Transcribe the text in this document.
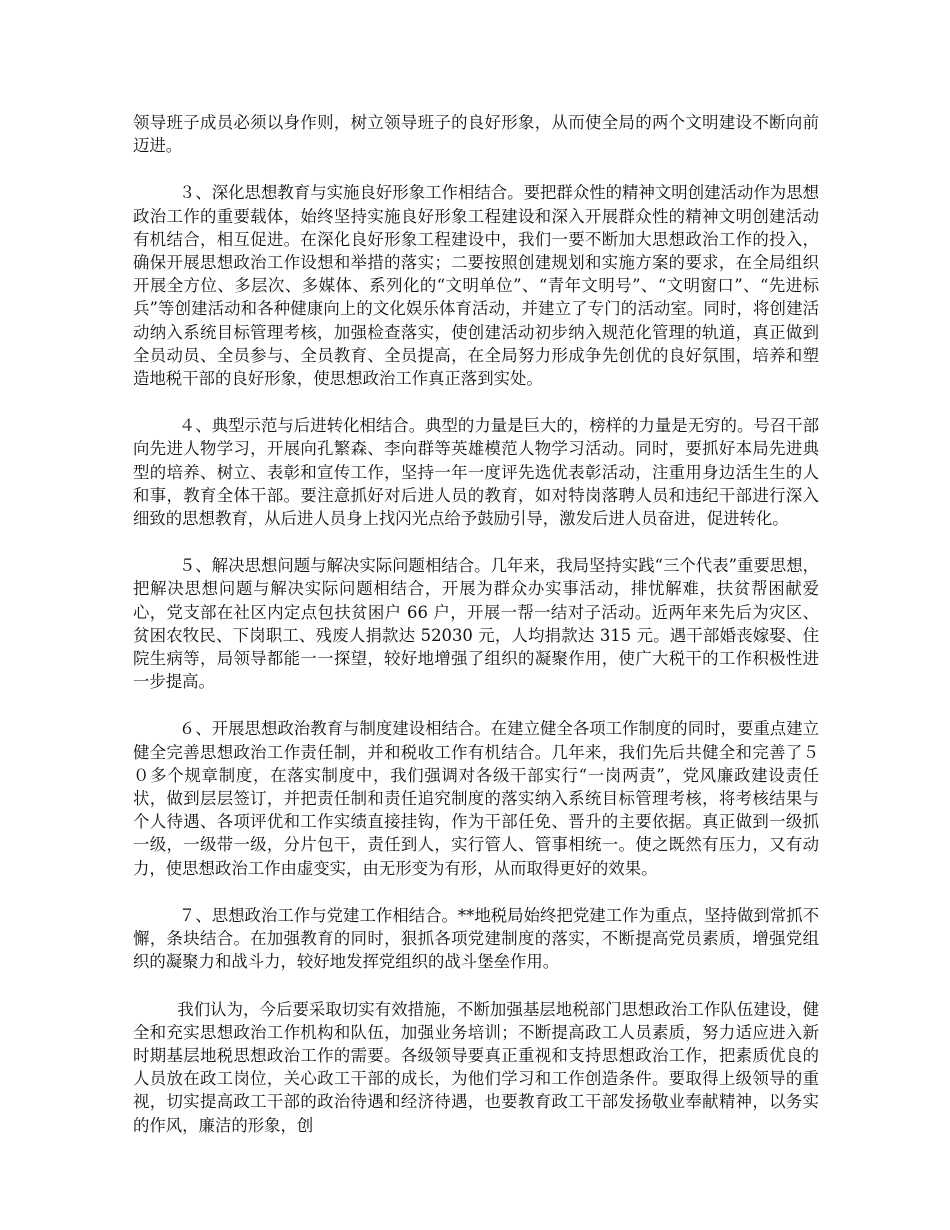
领导班子成员必须以身作则，树立领导班子的良好形象，从而使全局的两个文明建设不断向前迈进。

３、深化思想教育与实施良好形象工作相结合。要把群众性的精神文明创建活动作为思想政治工作的重要载体，始终坚持实施良好形象工程建设和深入开展群众性的精神文明创建活动有机结合，相互促进。在深化良好形象工程建设中，我们一要不断加大思想政治工作的投入，确保开展思想政治工作设想和举措的落实；二要按照创建规划和实施方案的要求，在全局组织开展全方位、多层次、多媒体、系列化的“文明单位”、“青年文明号”、“文明窗口”、“先进标兵”等创建活动和各种健康向上的文化娱乐体育活动，并建立了专门的活动室。同时，将创建活动纳入系统目标管理考核，加强检查落实，使创建活动初步纳入规范化管理的轨道，真正做到全员动员、全员参与、全员教育、全员提高，在全局努力形成争先创优的良好氛围，培养和塑造地税干部的良好形象，使思想政治工作真正落到实处。

４、典型示范与后进转化相结合。典型的力量是巨大的，榜样的力量是无穷的。号召干部向先进人物学习，开展向孔繁森、李向群等英雄模范人物学习活动。同时，要抓好本局先进典型的培养、树立、表彰和宣传工作，坚持一年一度评先选优表彰活动，注重用身边活生生的人和事，教育全体干部。要注意抓好对后进人员的教育，如对特岗落聘人员和违纪干部进行深入细致的思想教育，从后进人员身上找闪光点给予鼓励引导，激发后进人员奋进，促进转化。

５、解决思想问题与解决实际问题相结合。几年来，我局坚持实践“三个代表”重要思想，把解决思想问题与解决实际问题相结合，开展为群众办实事活动，排忧解难，扶贫帮困献爱心，党支部在社区内定点包扶贫困户 66 户，开展一帮一结对子活动。近两年来先后为灾区、贫困农牧民、下岗职工、残废人捐款达 52030 元，人均捐款达 315 元。遇干部婚丧嫁娶、住院生病等，局领导都能一一探望，较好地增强了组织的凝聚作用，使广大税干的工作积极性进一步提高。

６、开展思想政治教育与制度建设相结合。在建立健全各项工作制度的同时，要重点建立健全完善思想政治工作责任制，并和税收工作有机结合。几年来，我们先后共健全和完善了５０多个规章制度，在落实制度中，我们强调对各级干部实行“一岗两责”，党风廉政建设责任状，做到层层签订，并把责任制和责任追究制度的落实纳入系统目标管理考核，将考核结果与个人待遇、各项评优和工作实绩直接挂钩，作为干部任免、晋升的主要依据。真正做到一级抓一级，一级带一级，分片包干，责任到人，实行管人、管事相统一。使之既然有压力，又有动力，使思想政治工作由虚变实，由无形变为有形，从而取得更好的效果。

７、思想政治工作与党建工作相结合。**地税局始终把党建工作为重点，坚持做到常抓不懈，条块结合。在加强教育的同时，狠抓各项党建制度的落实，不断提高党员素质，增强党组织的凝聚力和战斗力，较好地发挥党组织的战斗堡垒作用。

我们认为，今后要采取切实有效措施，不断加强基层地税部门思想政治工作队伍建设，健全和充实思想政治工作机构和队伍，加强业务培训；不断提高政工人员素质，努力适应进入新时期基层地税思想政治工作的需要。各级领导要真正重视和支持思想政治工作，把素质优良的人员放在政工岗位，关心政工干部的成长，为他们学习和工作创造条件。要取得上级领导的重视，切实提高政工干部的政治待遇和经济待遇，也要教育政工干部发扬敬业奉献精神，以务实的作风，廉洁的形象，创
